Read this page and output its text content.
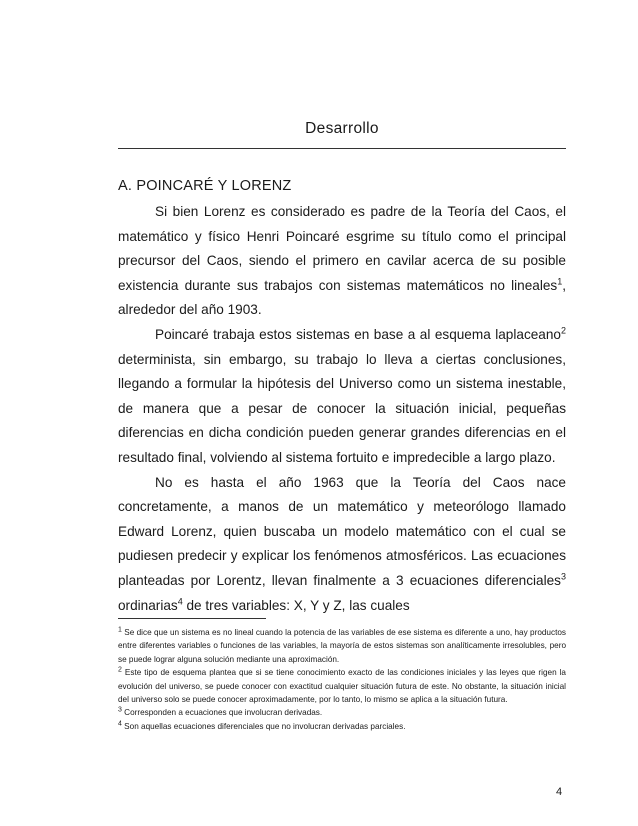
Desarrollo
A. POINCARÉ Y LORENZ

Si bien Lorenz es considerado es padre de la Teoría del Caos, el matemático y físico Henri Poincaré esgrime su título como el principal precursor del Caos, siendo el primero en cavilar acerca de su posible existencia durante sus trabajos con sistemas matemáticos no lineales$^1$, alrededor del año 1903.

Poincaré trabaja estos sistemas en base a al esquema laplaceano$^2$ determinista, sin embargo, su trabajo lo lleva a ciertas conclusiones, llegando a formular la hipótesis del Universo como un sistema inestable, de manera que a pesar de conocer la situación inicial, pequeñas diferencias en dicha condición pueden generar grandes diferencias en el resultado final, volviendo al sistema fortuito e impredecible a largo plazo.

No es hasta el año 1963 que la Teoría del Caos nace concretamente, a manos de un matemático y meteorólogo llamado Edward Lorenz, quien buscaba un modelo matemático con el cual se pudiesen predecir y explicar los fenómenos atmosféricos. Las ecuaciones planteadas por Lorentz, llevan finalmente a 3 ecuaciones diferenciales$^3$ ordinarias$^4$ de tres variables: X, Y y Z, las cuales

$^1$ Se dice que un sistema es no lineal cuando la potencia de las variables de ese sistema es diferente a uno, hay productos entre diferentes variables o funciones de las variables, la mayoría de estos sistemas son analíticamente irresolubles, pero se puede lograr alguna solución mediante una aproximación.

$^2$ Este tipo de esquema plantea que si se tiene conocimiento exacto de las condiciones iniciales y las leyes que rigen la evolución del universo, se puede conocer con exactitud cualquier situación futura de este. No obstante, la situación inicial del universo solo se puede conocer aproximadamente, por lo tanto, lo mismo se aplica a la situación futura.

$^3$ Corresponden a ecuaciones que involucran derivadas.

$^4$ Son aquellas ecuaciones diferenciales que no involucran derivadas parciales.

4
